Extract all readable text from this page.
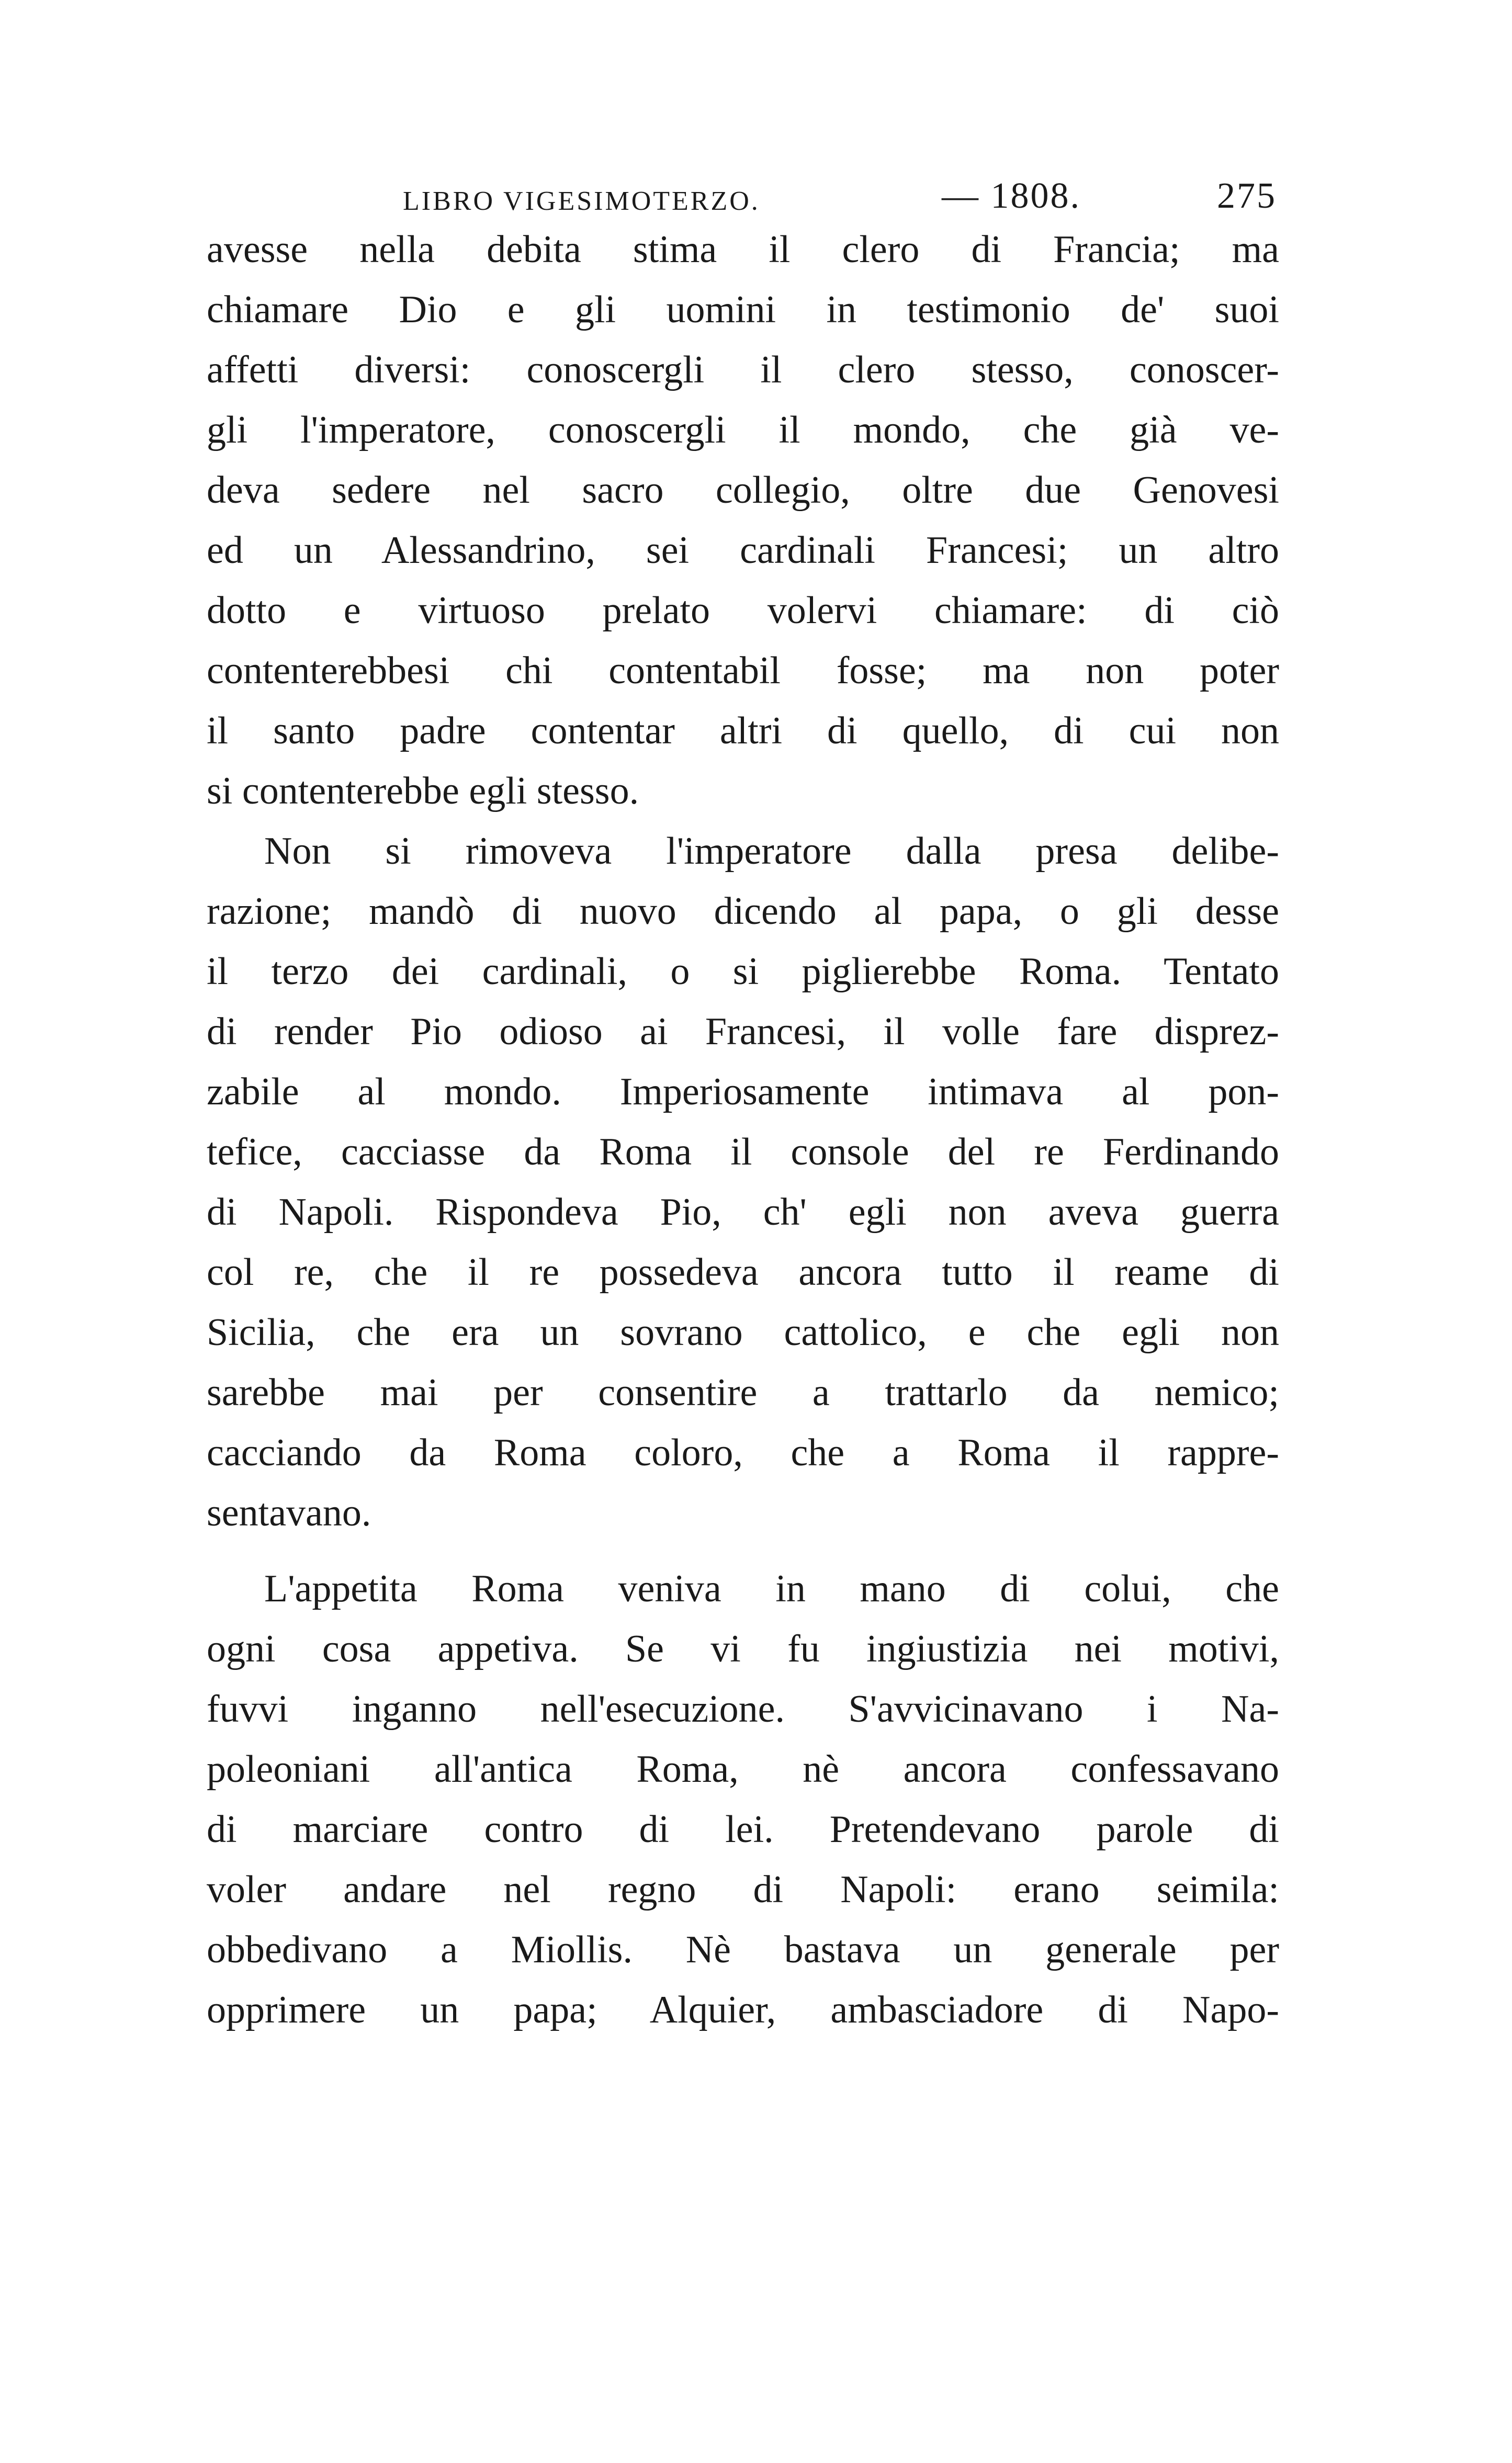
LIBRO VIGESIMOTERZO.	— 1808.	275
avesse nella debita stima il clero di Francia; ma
chiamare Dio e gli uomini in testimonio de' suoi
affetti diversi: conoscergli il clero stesso, conoscer-
gli l'imperatore, conoscergli il mondo, che già ve-
deva sedere nel sacro collegio, oltre due Genovesi
ed un Alessandrino, sei cardinali Francesi; un altro
dotto e virtuoso prelato volervi chiamare: di ciò
contenterebbesi chi contentabil fosse; ma non poter
il santo padre contentar altri di quello, di cui non
si contenterebbe egli stesso.
Non si rimoveva l'imperatore dalla presa delibe-
razione; mandò di nuovo dicendo al papa, o gli desse
il terzo dei cardinali, o si piglierebbe Roma. Tentato
di render Pio odioso ai Francesi, il volle fare disprez-
zabile al mondo. Imperiosamente intimava al pon-
tefice, cacciasse da Roma il console del re Ferdinando
di Napoli. Rispondeva Pio, ch' egli non aveva guerra
col re, che il re possedeva ancora tutto il reame di
Sicilia, che era un sovrano cattolico, e che egli non
sarebbe mai per consentire a trattarlo da nemico;
cacciando da Roma coloro, che a Roma il rappre-
sentavano.
L'appetita Roma veniva in mano di colui, che
ogni cosa appetiva. Se vi fu ingiustizia nei motivi,
fuvvi inganno nell'esecuzione. S'avvicinavano i Na-
poleoniani all'antica Roma, nè ancora confessavano
di marciare contro di lei. Pretendevano parole di
voler andare nel regno di Napoli: erano seimila:
obbedivano a Miollis. Nè bastava un generale per
opprimere un papa; Alquier, ambasciadore di Napo-
